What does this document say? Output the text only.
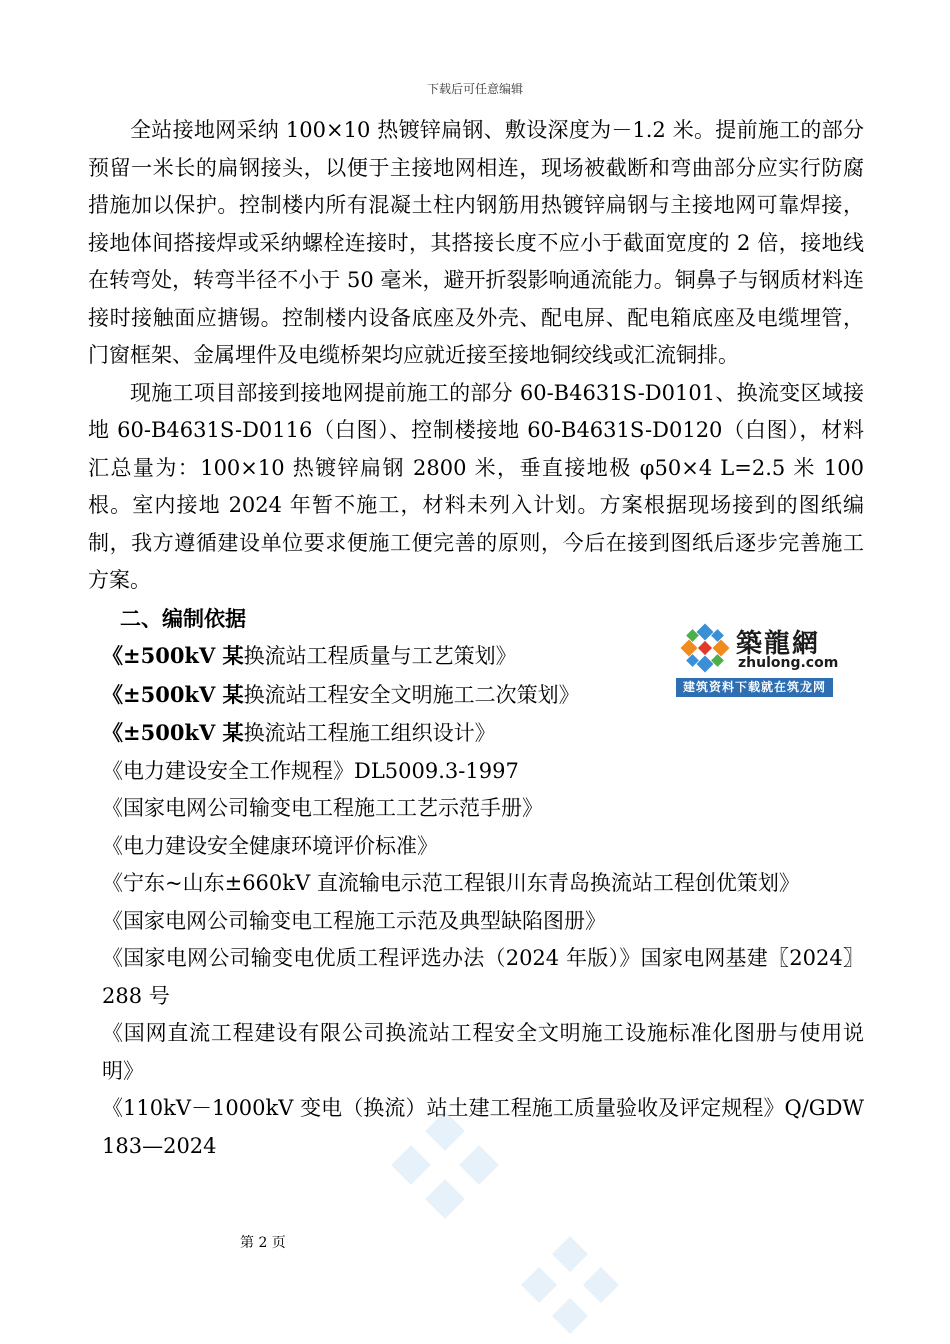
下载后可任意编辑

全站接地网采纳 100×10 热镀锌扁钢、敷设深度为－1.2 米。提前施工的部分预留一米长的扁钢接头，以便于主接地网相连，现场被截断和弯曲部分应实行防腐措施加以保护。控制楼内所有混凝土柱内钢筋用热镀锌扁钢与主接地网可靠焊接，接地体间搭接焊或采纳螺栓连接时，其搭接长度不应小于截面宽度的 2 倍，接地线在转弯处，转弯半径不小于 50 毫米，避开折裂影响通流能力。铜鼻子与钢质材料连接时接触面应搪锡。控制楼内设备底座及外壳、配电屏、配电箱底座及电缆埋管，门窗框架、金属埋件及电缆桥架均应就近接至接地铜绞线或汇流铜排。

现施工项目部接到接地网提前施工的部分 60-B4631S-D0101、换流变区域接地 60-B4631S-D0116（白图）、控制楼接地 60-B4631S-D0120（白图），材料汇总量为：100×10 热镀锌扁钢 2800 米，垂直接地极 φ50×4 L=2.5 米 100 根。室内接地 2024 年暂不施工，材料未列入计划。方案根据现场接到的图纸编制，我方遵循建设单位要求便施工便完善的原则，今后在接到图纸后逐步完善施工方案。

二、编制依据

《±500kV 某换流站工程质量与工艺策划》
《±500kV 某换流站工程安全文明施工二次策划》
《±500kV 某换流站工程施工组织设计》
《电力建设安全工作规程》DL5009.3-1997
《国家电网公司输变电工程施工工艺示范手册》
《电力建设安全健康环境评价标准》
《宁东~山东±660kV 直流输电示范工程银川东青岛换流站工程创优策划》
《国家电网公司输变电工程施工示范及典型缺陷图册》
《国家电网公司输变电优质工程评选办法（2024 年版）》国家电网基建〖2024〗288 号
《国网直流工程建设有限公司换流站工程安全文明施工设施标准化图册与使用说明》
《110kV－1000kV 变电（换流）站土建工程施工质量验收及评定规程》Q/GDW 183—2024
築龍網
zhulong.com
建筑资料下载就在筑龙网
第 2 页
